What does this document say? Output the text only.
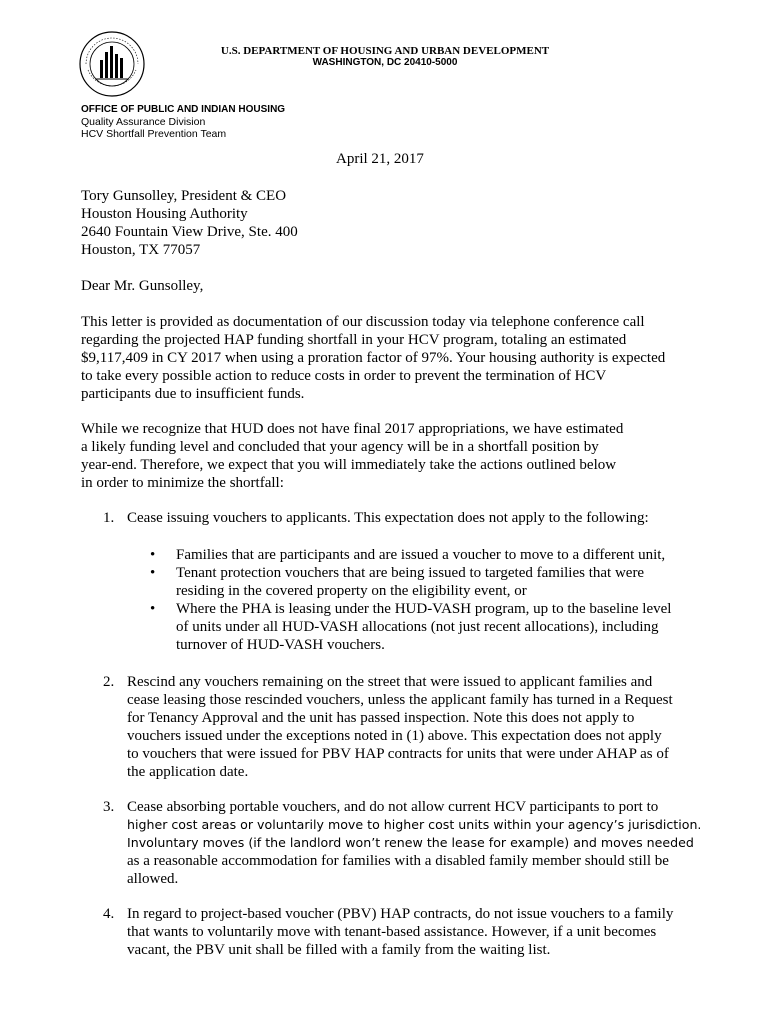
U.S. DEPARTMENT OF HOUSING AND URBAN DEVELOPMENT
WASHINGTON, DC 20410-5000
OFFICE OF PUBLIC AND INDIAN HOUSING
Quality Assurance Division
HCV Shortfall Prevention Team
April 21, 2017
Tory Gunsolley, President & CEO
Houston Housing Authority
2640 Fountain View Drive, Ste. 400
Houston, TX 77057
Dear Mr. Gunsolley,
This letter is provided as documentation of our discussion today via telephone conference call
regarding the projected HAP funding shortfall in your HCV program, totaling an estimated
$9,117,409 in CY 2017 when using a proration factor of 97%. Your housing authority is expected
to take every possible action to reduce costs in order to prevent the termination of HCV
participants due to insufficient funds.
While we recognize that HUD does not have final 2017 appropriations, we have estimated
a likely funding level and concluded that your agency will be in a shortfall position by
year-end. Therefore, we expect that you will immediately take the actions outlined below
in order to minimize the shortfall:
1. Cease issuing vouchers to applicants. This expectation does not apply to the following:
• Families that are participants and are issued a voucher to move to a different unit,
• Tenant protection vouchers that are being issued to targeted families that were
residing in the covered property on the eligibility event, or
• Where the PHA is leasing under the HUD-VASH program, up to the baseline level
of units under all HUD-VASH allocations (not just recent allocations), including
turnover of HUD-VASH vouchers.
2. Rescind any vouchers remaining on the street that were issued to applicant families and
cease leasing those rescinded vouchers, unless the applicant family has turned in a Request
for Tenancy Approval and the unit has passed inspection. Note this does not apply to
vouchers issued under the exceptions noted in (1) above. This expectation does not apply
to vouchers that were issued for PBV HAP contracts for units that were under AHAP as of
the application date.
3. Cease absorbing portable vouchers, and do not allow current HCV participants to port to
higher cost areas or voluntarily move to higher cost units within your agency’s jurisdiction.
Involuntary moves (if the landlord won’t renew the lease for example) and moves needed
as a reasonable accommodation for families with a disabled family member should still be
allowed.
4. In regard to project-based voucher (PBV) HAP contracts, do not issue vouchers to a family
that wants to voluntarily move with tenant-based assistance. However, if a unit becomes
vacant, the PBV unit shall be filled with a family from the waiting list.
